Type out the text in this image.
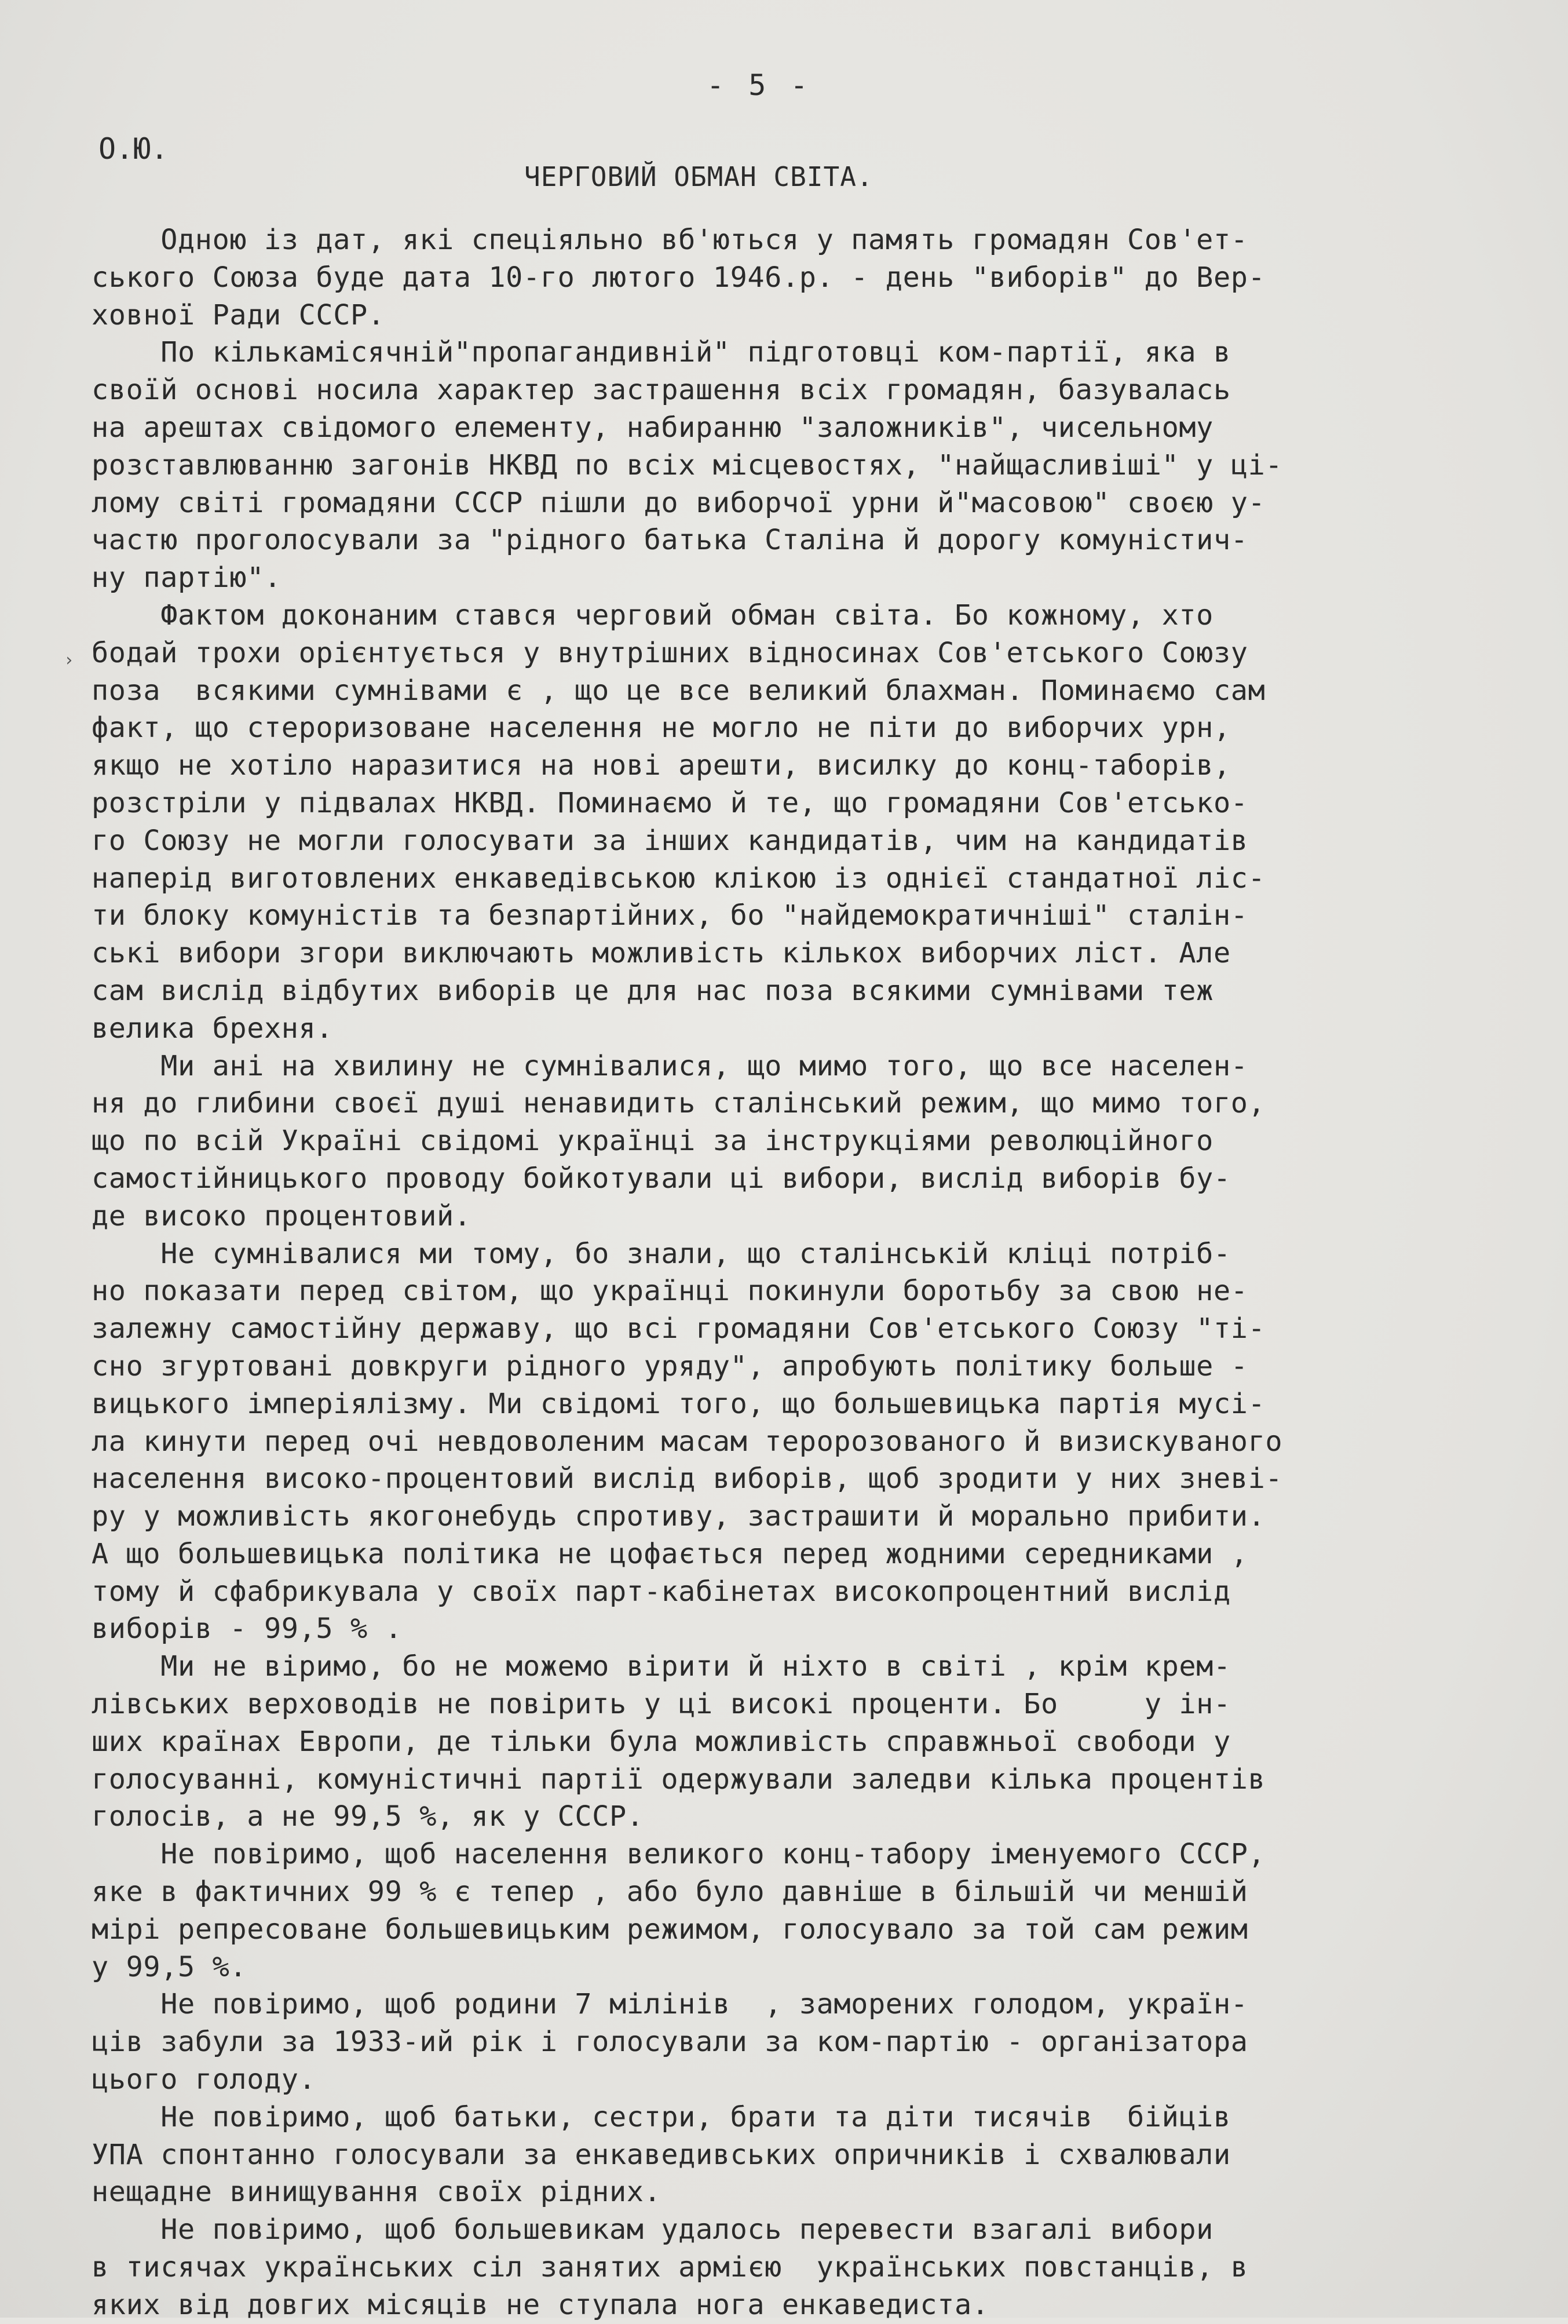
- 5 -
О.Ю.
ЧЕРГОВИЙ ОБМАН СВІТА.
›
Одною із дат, які спеціяльно вб'ються у память громадян Сов'ет-
ського Союза буде дата 10-го лютого 1946.р. - день "виборів" до Вер-
ховної Ради СССР.
По кількамісячній"пропагандивній" підготовці ком-партії, яка в
своїй основі носила характер застрашення всіх громадян, базувалась
на арештах свідомого елементу, набиранню "заложників", чисельному
розставлюванню загонів НКВД по всіх місцевостях, "найщасливіші" у ці-
лому світі громадяни СССР пішли до виборчої урни й"масовою" своєю у-
частю проголосували за "рідного батька Сталіна й дорогу комуністич-
ну партію".
Фактом доконаним стався черговий обман світа. Бо кожному, хто
бодай трохи орієнтується у внутрішних відносинах Сов'етського Союзу
поза  всякими сумнівами є , що це все великий блахман. Поминаємо сам
факт, що стероризоване населення не могло не піти до виборчих урн,
якщо не хотіло наразитися на нові арешти, висилку до конц-таборів,
розстріли у підвалах НКВД. Поминаємо й те, що громадяни Сов'етсько-
го Союзу не могли голосувати за інших кандидатів, чим на кандидатів
наперід виготовлених енкаведівською клікою із однієї стандатної ліс-
ти блоку комуністів та безпартійних, бо "найдемократичніші" сталін-
ські вибори згори виключають можливість кількох виборчих ліст. Але
сам вислід відбутих виборів це для нас поза всякими сумнівами теж
велика брехня.
Ми ані на хвилину не сумнівалися, що мимо того, що все населен-
ня до глибини своєї душі ненавидить сталінський режим, що мимо того,
що по всій Україні свідомі українці за інструкціями революційного
самостійницького проводу бойкотували ці вибори, вислід виборів бу-
де високо процентовий.
Не сумнівалися ми тому, бо знали, що сталінській кліці потріб-
но показати перед світом, що українці покинули боротьбу за свою не-
залежну самостійну державу, що всі громадяни Сов'етського Союзу "ті-
сно згуртовані довкруги рідного уряду", апробують політику больше -
вицького імперіялізму. Ми свідомі того, що большевицька партія мусі-
ла кинути перед очі невдоволеним масам теророзованого й визискуваного
населення високо-процентовий вислід виборів, щоб зродити у них зневі-
ру у можливість якогонебудь спротиву, застрашити й морально прибити.
А що большевицька політика не цофається перед жодними середниками ,
тому й сфабрикувала у своїх парт-кабінетах високопроцентний вислід
виборів - 99,5 % .
Ми не віримо, бо не можемо вірити й ніхто в світі , крім крем-
лівських верховодів не повірить у ці високі проценти. Бо     у ін-
ших країнах Европи, де тільки була можливість справжньої свободи у
голосуванні, комуністичні партії одержували заледви кілька процентів
голосів, а не 99,5 %, як у СССР.
Не повіримо, щоб населення великого конц-табору іменуемого СССР,
яке в фактичних 99 % є тепер , або було давніше в більшій чи меншій
мірі репресоване большевицьким режимом, голосувало за той сам режим
у 99,5 %.
Не повіримо, щоб родини 7 мілінів  , заморених голодом, україн-
ців забули за 1933-ий рік і голосували за ком-партію - організатора
цього голоду.
Не повіримо, щоб батьки, сестри, брати та діти тисячів  бійців
УПА спонтанно голосували за енкаведивських опричників і схвалювали
нещадне винищування своїх рідних.
Не повіримо, щоб большевикам удалось перевести взагалі вибори
в тисячах українських сіл занятих армією  українських повстанців, в
яких від довгих місяців не ступала нога енкаведиста.
